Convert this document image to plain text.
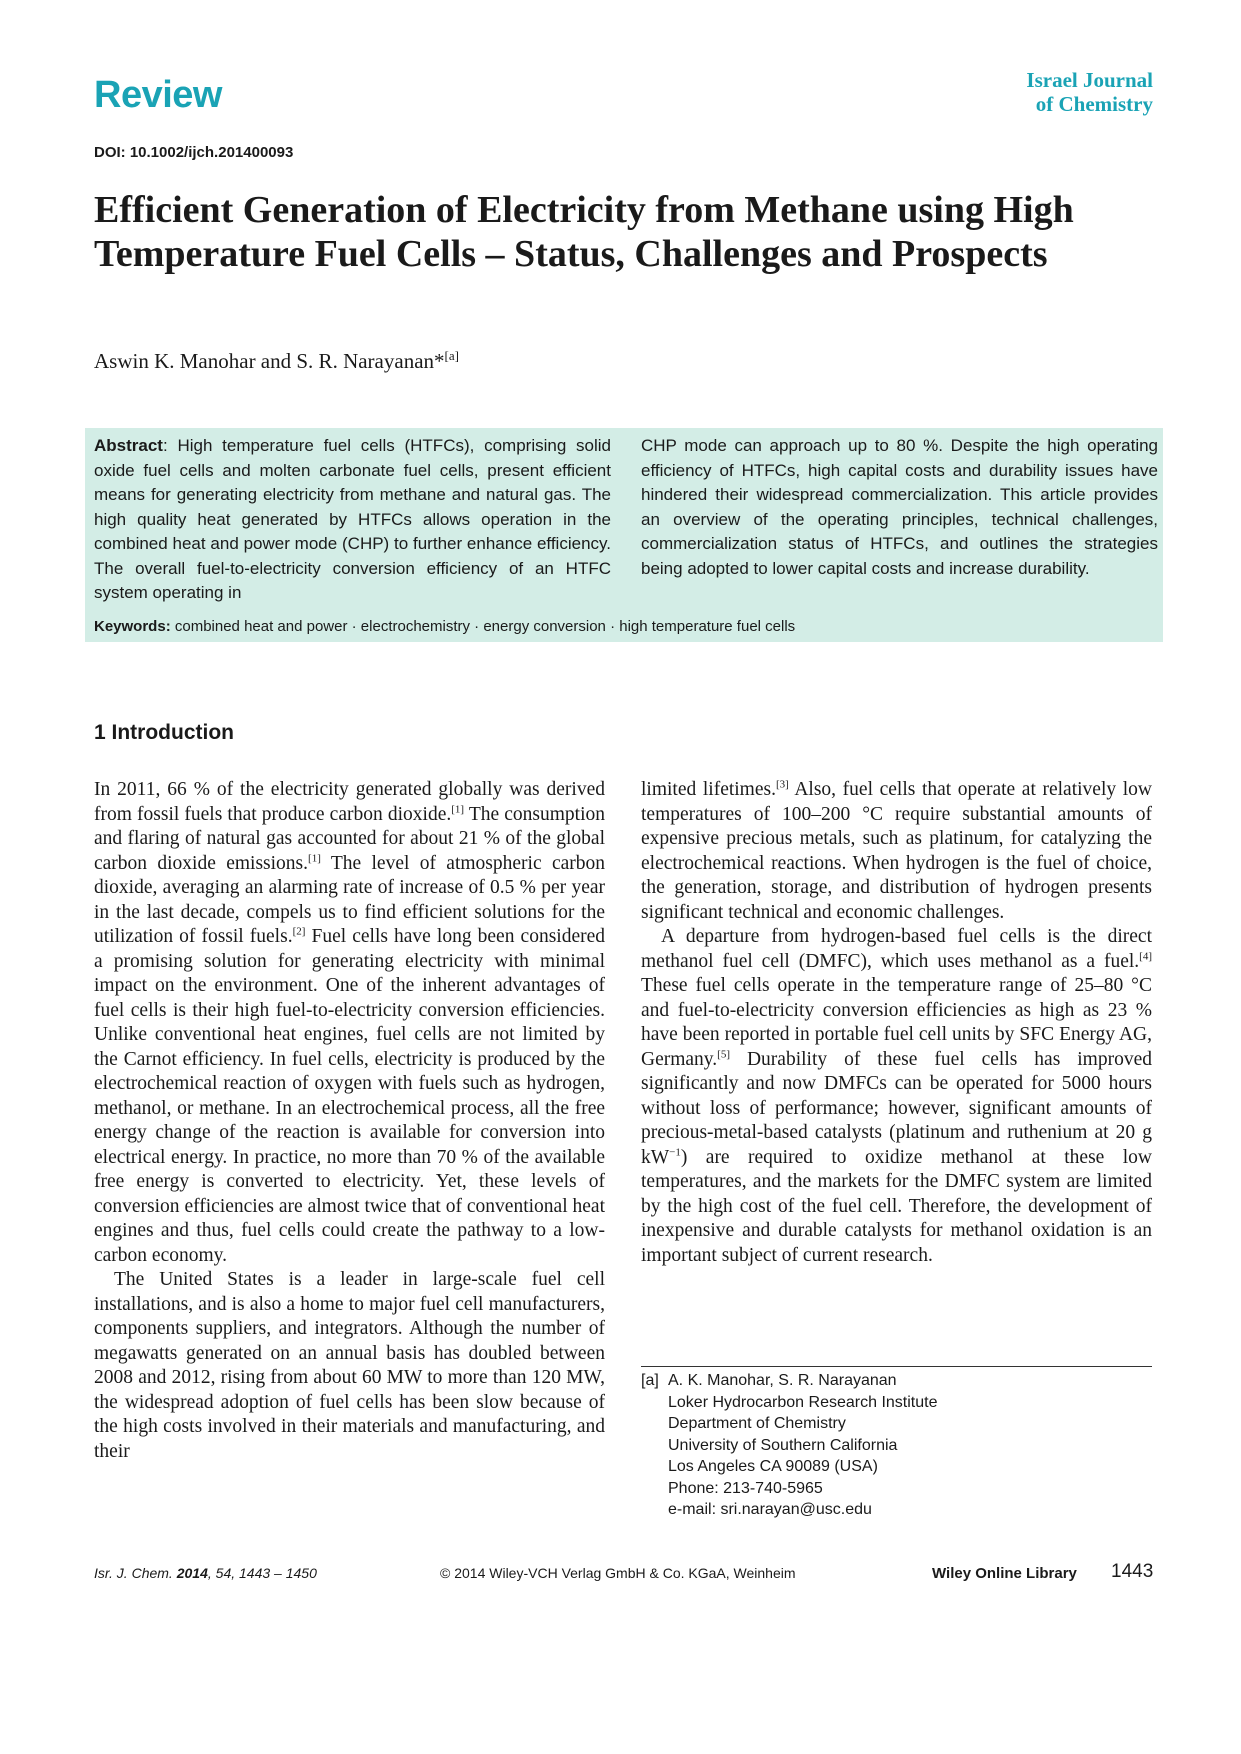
Review	Israel Journal
of Chemistry
DOI: 10.1002/ijch.201400093
Efficient Generation of Electricity from Methane using High Temperature Fuel Cells – Status, Challenges and Prospects
Aswin K. Manohar and S. R. Narayanan*[a]
Abstract: High temperature fuel cells (HTFCs), comprising solid oxide fuel cells and molten carbonate fuel cells, present efficient means for generating electricity from methane and natural gas. The high quality heat generated by HTFCs allows operation in the combined heat and power mode (CHP) to further enhance efficiency. The overall fuel-to-electricity conversion efficiency of an HTFC system operating in
CHP mode can approach up to 80 %. Despite the high operating efficiency of HTFCs, high capital costs and durability issues have hindered their widespread commercialization. This article provides an overview of the operating principles, technical challenges, commercialization status of HTFCs, and outlines the strategies being adopted to lower capital costs and increase durability.
Keywords: combined heat and power · electrochemistry · energy conversion · high temperature fuel cells
1 Introduction

In 2011, 66 % of the electricity generated globally was derived from fossil fuels that produce carbon dioxide.[1] The consumption and flaring of natural gas accounted for about 21 % of the global carbon dioxide emissions.[1] The level of atmospheric carbon dioxide, averaging an alarming rate of increase of 0.5 % per year in the last decade, compels us to find efficient solutions for the utilization of fossil fuels.[2] Fuel cells have long been considered a promising solution for generating electricity with minimal impact on the environment. One of the inherent advantages of fuel cells is their high fuel-to-electricity conversion efficiencies. Unlike conventional heat engines, fuel cells are not limited by the Carnot efficiency. In fuel cells, electricity is produced by the electrochemical reaction of oxygen with fuels such as hydrogen, methanol, or methane. In an electrochemical process, all the free energy change of the reaction is available for conversion into electrical energy. In practice, no more than 70 % of the available free energy is converted to electricity. Yet, these levels of conversion efficiencies are almost twice that of conventional heat engines and thus, fuel cells could create the pathway to a low-carbon economy.

The United States is a leader in large-scale fuel cell installations, and is also a home to major fuel cell manufacturers, components suppliers, and integrators. Although the number of megawatts generated on an annual basis has doubled between 2008 and 2012, rising from about 60 MW to more than 120 MW, the widespread adoption of fuel cells has been slow because of the high costs involved in their materials and manufacturing, and their

limited lifetimes.[3] Also, fuel cells that operate at relatively low temperatures of 100–200 °C require substantial amounts of expensive precious metals, such as platinum, for catalyzing the electrochemical reactions. When hydrogen is the fuel of choice, the generation, storage, and distribution of hydrogen presents significant technical and economic challenges.

A departure from hydrogen-based fuel cells is the direct methanol fuel cell (DMFC), which uses methanol as a fuel.[4] These fuel cells operate in the temperature range of 25–80 °C and fuel-to-electricity conversion efficiencies as high as 23 % have been reported in portable fuel cell units by SFC Energy AG, Germany.[5] Durability of these fuel cells has improved significantly and now DMFCs can be operated for 5000 hours without loss of performance; however, significant amounts of precious-metal-based catalysts (platinum and ruthenium at 20 g $kW^{-1}$) are required to oxidize methanol at these low temperatures, and the markets for the DMFC system are limited by the high cost of the fuel cell. Therefore, the development of inexpensive and durable catalysts for methanol oxidation is an important subject of current research.

[a] A. K. Manohar, S. R. Narayanan
Loker Hydrocarbon Research Institute
Department of Chemistry
University of Southern California
Los Angeles CA 90089 (USA)
Phone: 213-740-5965
e-mail: sri.narayan@usc.edu
Isr. J. Chem. 2014, 54, 1443 – 1450	© 2014 Wiley-VCH Verlag GmbH & Co. KGaA, Weinheim	Wiley Online Library 1443
